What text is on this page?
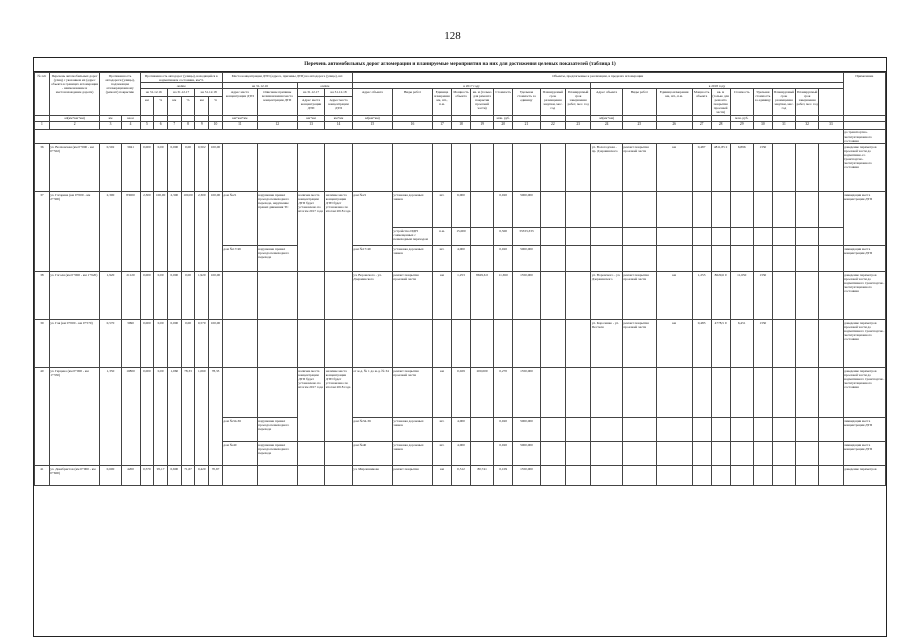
128
Перечень автомобильных дорог агломерации и планируемые мероприятия на них для достижения целевых показателей (таблица 1)
№ п/п	Перечень автомобильных дорог (улиц) с указанием их (адрес объекта в границах агломерации - наименование и местонахождение дороги)	Протяженность автодороги (улицы), подлежащая агломерационному (ремонт) покрытию		Протяженность автодорог (улицы), находящейся в нормативном состоянии, км/%						Места концентрации ДТП (адреса, причины ДТП) на автодороге (улице), шт.				Объекты, предлагаемые к реализации, в пределах агломерации																			Примечание
				ondate						на 31.12.16		ondate		в 2017 году									в 2018 году										
				на 31.12.16		на 31.12.17		на 31.12.18		Адрес места концентрации ДТП	Описание причины возникновения места концентрации ДТП	на 31.12.17	на 31.12.18	Адрес объекта	Виды работ	Единица измерения км, шт., п.м.	Мощность объекта	кв. м (только для ремонта покрытия проезжей части)	Стоимость	Удельная стоимость за единицу	Планируемый срок размещения закупки, мес. год	Планируемый срок завершения работ, мес. год	Адрес объекта	Виды работ	Единица измерения км, шт., п.м.	Мощность объекта	кв. м (только для ремонта покрытия проезжей части)	Стоимость	Удельная стоимость за единицу	Планируемый срок размещения закупки, мес. год	Планируемый срок завершения работ, мес. год		
				км	%	км	%	км	%			Адрес места концентрации ДТП	Адрес места концентрации ДТП																				
	ad(км+км+км)	км	кв.м							км+км+км		км+км	км+км	ad(км+км)					млн. руб.				ad(км+км)					млн. руб.					
1	2	3	4	5	6	7	8	9	10	11	12	13	14	15	16	17	18	19	20	21	22	23	24	25	26	27	28	29	30	31	32	33	
																																	до транспортно-эксплуатационного состояния
36	ул. Волховская (км 0+000 - км 0+502)	0,502	3941	0,000	0,00	0,000	0,00	0,502	100,00														ул. Вологодская - пр. Дзержинского	ремонт покрытия проезжей части	км	0,487	4811,85 2	6,896	1350				доведение параметров проезжей части до нормативно-го транспортно-эксплуатационного состояния
37	ул. Гагарина (км 0+000 - км 2+300)	2,300	83000	2,300	100,00	2,300	100,00	2,300	100,00	дом №21	нарушение правил проезда пешеходного перехода, нарушение правил движения ТС	наличие места концентрации ДТП будет установлено по итогам 2017 года	наличие места концентрации ДТП будет установлено по итогам 2018 года	дом №21	установка дорожных знаков	шт.	6,000		0,020	5000,000													ликвидация места концентрации ДТП
															устройство ИДН совмещенных с пешеходным переходом	п.м.	15,000		0,500	33333,333													
										дом №17/49	нарушение правил проезда пешеходного перехода			дом №17/49	установка дорожных знаков	шт.	4,000		0,020	5000,000													ликвидация места концентрации ДТП
38	ул. Гоголя (км 0+000 - км 1+920)	1,920	21120	0,000	0,00	0,000	0,00	1,920	100,00					ул. Воровского - ул. Дзержинского	ремонт покрытия проезжей части	км	1,253	8629,6 0	11,650	1350,000			ул. Воровского - ул. Дзержинского	ремонт покрытия проезжей части	км	1,253	8629,6 0	11,650	1350				доведение параметров проезжей части до нормативного транспортно-эксплуатационного состояния
39	ул. Гая (км 0+000 - км 0+570)	0,570	3990	0,000	0,00	0,000	0,00	0,570	100,00														ул. Короленко - ул. Пестеля	ремонт покрытия проезжей части	км	0,483	4778,5 9	6,451	1350				доведение параметров проезжей части до нормативного транспортно-эксплуатационного состояния
40	ул. Герцена (км 0+000 - км 1+350)	1,350	10800	0,000	0,00	1,060	78,33	1,060	78,33			наличие места концентрации ДТП будет установлено по итогам 2017 года	наличие места концентрации ДТП будет установлено по итогам 2018 года	от ж.д. № 1 до ж.д. № 34	ремонт покрытия проезжей части	км	0,029	200,000	0,270	1350,000													доведение параметров проезжей части до нормативного транспортно-эксплуатационного состояния
										дом №34-36	нарушение правил проезда пешеходного перехода			дом №34-36	установка дорожных знаков	шт.	4,000		0,020	5000,000													ликвидация места концентрации ДТП
										дом №40	нарушение правил проезда пешеходного перехода			дом №40	установка дорожных знаков	шт.	4,000		0,020	5000,000													ликвидация места концентрации ДТП
41	ул. Декабристов (км 0+000 - км 0+600)	0,600	4200	0,570	95,17	0,600	71,67	0,420	70,67					ул. Мирошникова	ремонт покрытия	км	0,512	80,741	0,109	1350,000													доведение параметров
